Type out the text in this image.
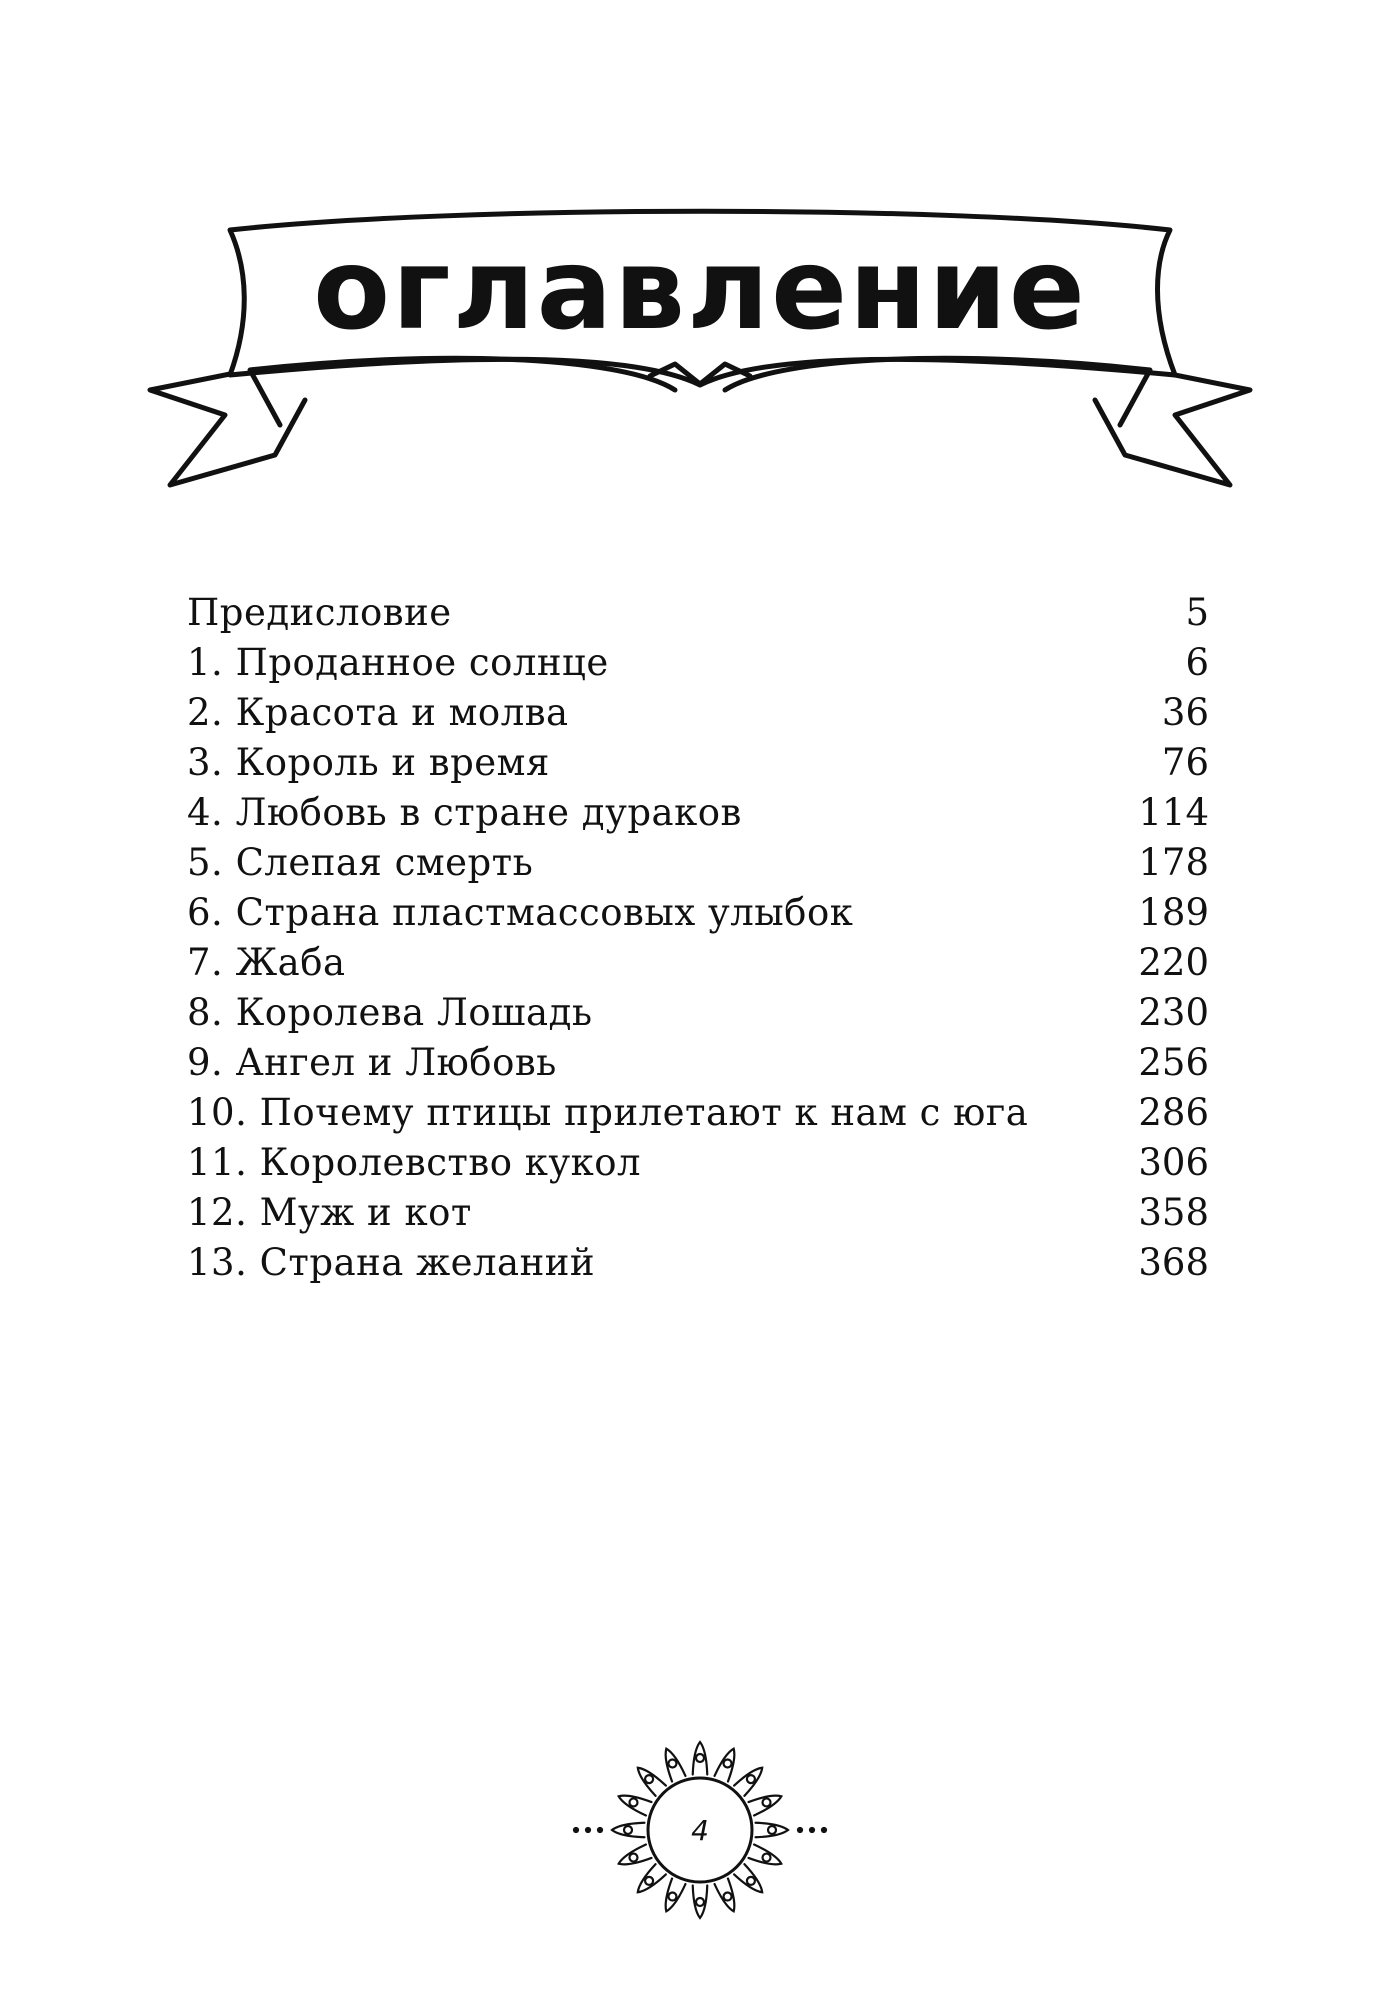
оглавление
Предисловие	5
1. Проданное солнце	6
2. Красота и молва	36
3. Король и время	76
4. Любовь в стране дураков	114
5. Слепая смерть	178
6. Страна пластмассовых улыбок	189
7. Жаба	220
8. Королева Лошадь	230
9. Ангел и Любовь	256
10. Почему птицы прилетают к нам с юга	286
11. Королевство кукол	306
12. Муж и кот	358
13. Страна желаний	368
4
